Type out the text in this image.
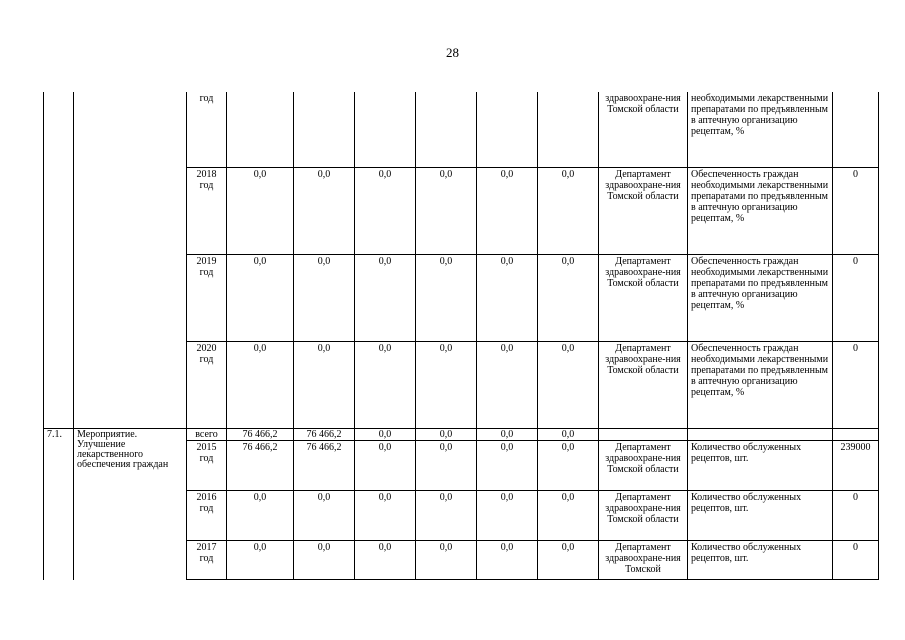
28
		год							здравоохране-ния Томской области	необходимыми лекарственными препаратами по предъявленным в аптечную организацию рецептам, %	
		2018 год	0,0	0,0	0,0	0,0	0,0	0,0	Департамент здравоохране-ния Томской области	Обеспеченность граждан необходимыми лекарственными препаратами по предъявленным в аптечную организацию рецептам, %	0
		2019 год	0,0	0,0	0,0	0,0	0,0	0,0	Департамент здравоохране-ния Томской области	Обеспеченность граждан необходимыми лекарственными препаратами по предъявленным в аптечную организацию рецептам, %	0
		2020 год	0,0	0,0	0,0	0,0	0,0	0,0	Департамент здравоохране-ния Томской области	Обеспеченность граждан необходимыми лекарственными препаратами по предъявленным в аптечную организацию рецептам, %	0
7.1.	Мероприятие. Улучшение лекарственного обеспечения граждан	всего	76 466,2	76 466,2	0,0	0,0	0,0	0,0			
		2015 год	76 466,2	76 466,2	0,0	0,0	0,0	0,0	Департамент здравоохране-ния Томской области	Количество обслуженных рецептов, шт.	239000
		2016 год	0,0	0,0	0,0	0,0	0,0	0,0	Департамент здравоохране-ния Томской области	Количество обслуженных рецептов, шт.	0
		2017 год	0,0	0,0	0,0	0,0	0,0	0,0	Департамент здравоохране-ния Томской	Количество обслуженных рецептов, шт.	0
